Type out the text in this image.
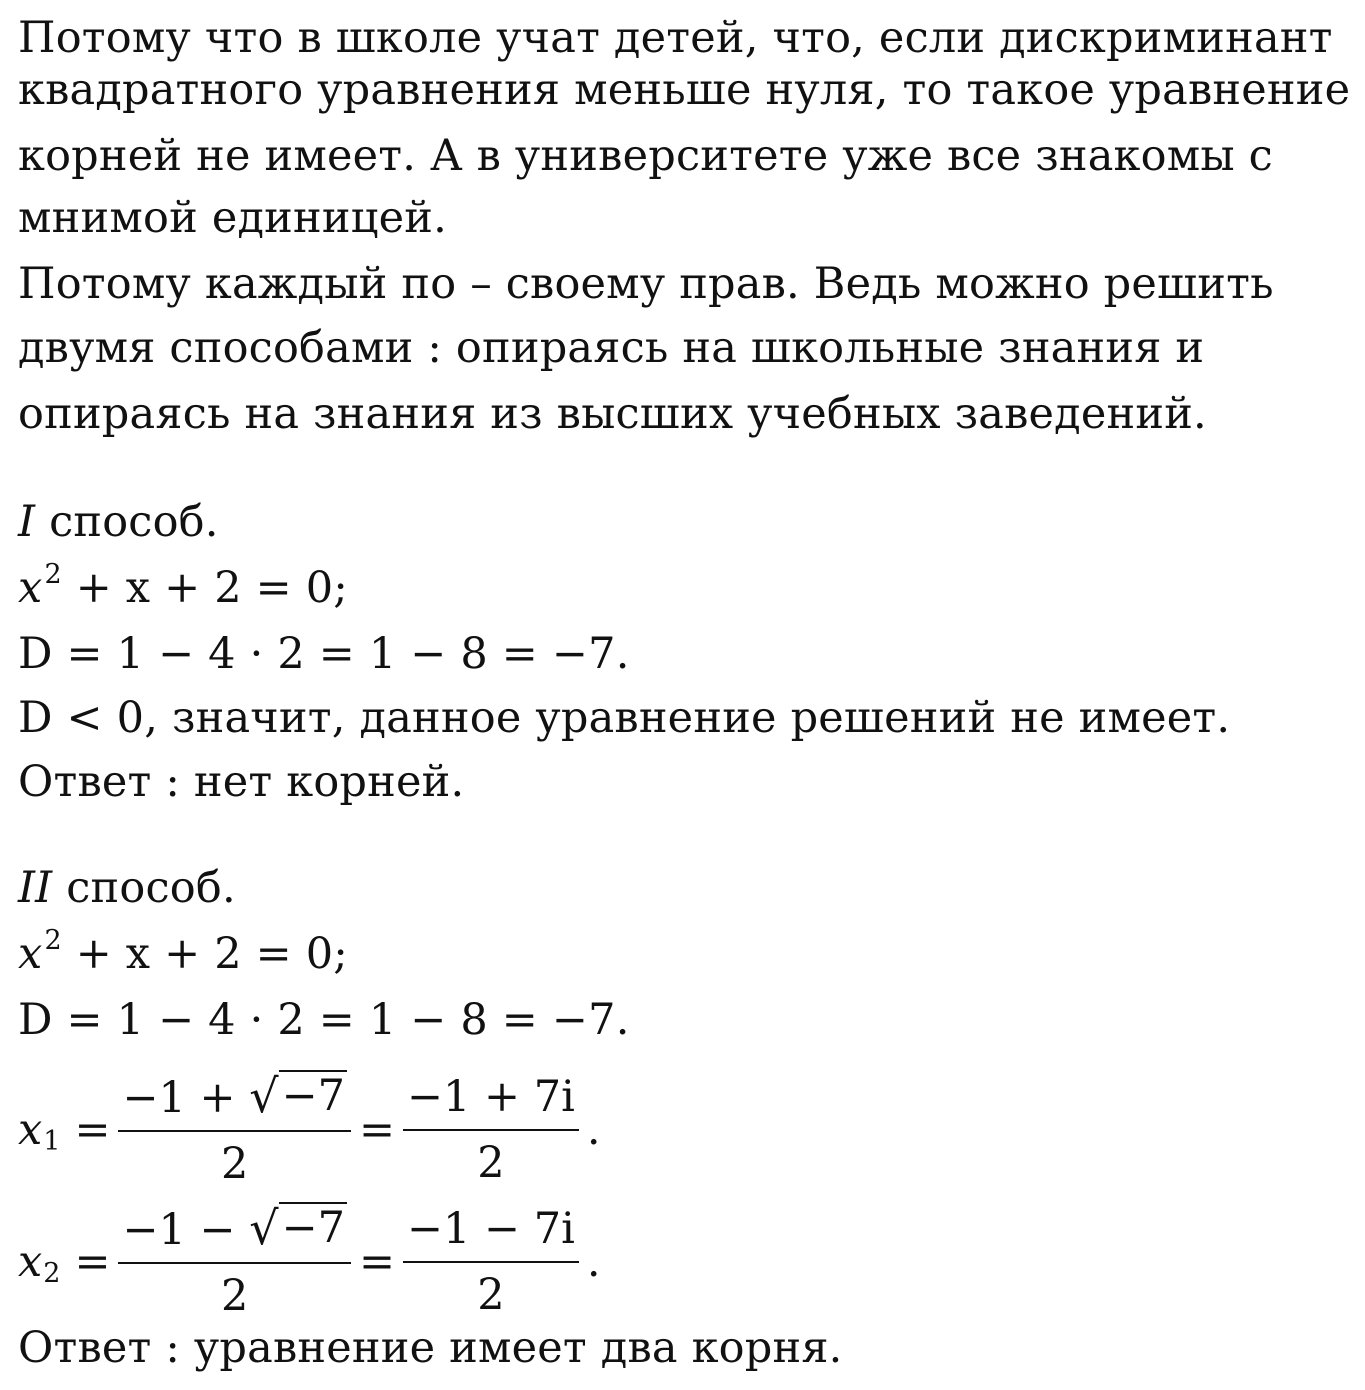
Потому что в школе учат детей, что, если дискриминант
квадратного уравнения меньше нуля, то такое уравнение
корней не имеет. А в университете уже все знакомы с
мнимой единицей.
Потому каждый по – своему прав. Ведь можно решить
двумя способами : опираясь на школьные знания и
опираясь на знания из высших учебных заведений.
I способ.
$x^2 + x + 2 = 0$;
D = 1 − 4 · 2 = 1 − 8 = −7.
D < 0, значит, данное уравнение решений не имеет.
Ответ : нет корней.
II способ.
$x^2 + x + 2 = 0$;
D = 1 − 4 · 2 = 1 − 8 = −7.
x $1 = \frac{-1 + √ -7}{2} = \frac{-1 + 7i}{2}$ .
x $2 = \frac{-1 - √ -7}{2} = \frac{-1 - 7i}{2}$ .
Ответ : уравнение имеет два корня.
